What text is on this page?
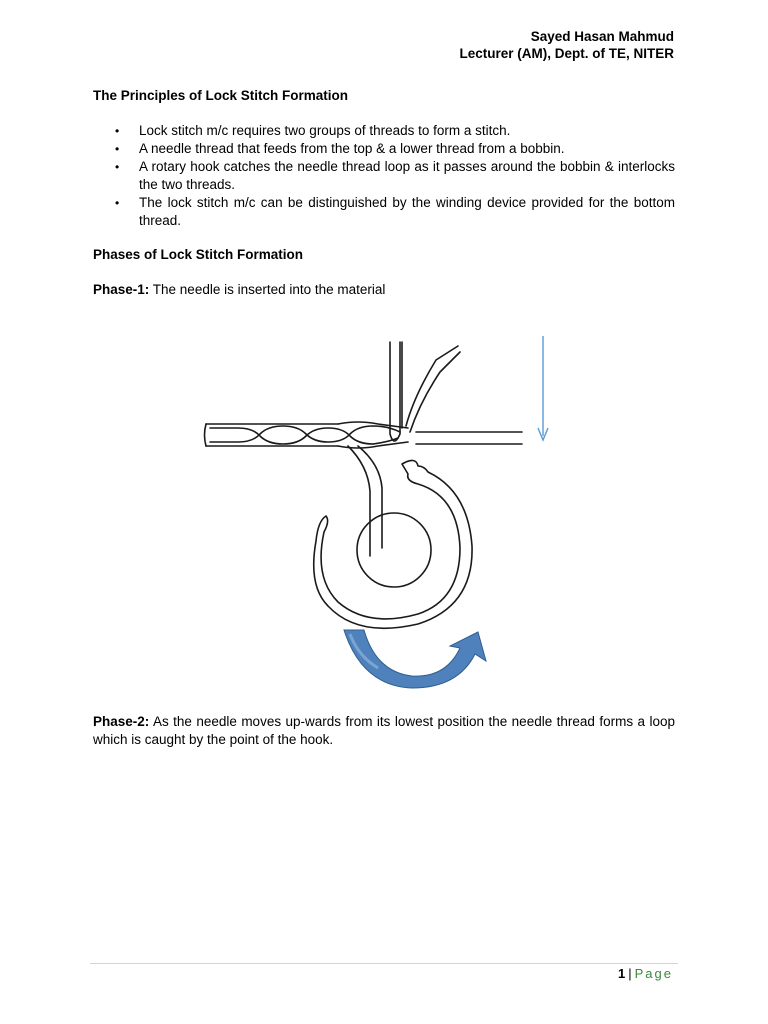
Sayed Hasan Mahmud
Lecturer (AM), Dept. of TE, NITER
The Principles of Lock Stitch Formation
• Lock stitch m/c requires two groups of threads to form a stitch.
• A needle thread that feeds from the top & a lower thread from a bobbin.
• A rotary hook catches the needle thread loop as it passes around the bobbin & interlocks the two threads.
• The lock stitch m/c can be distinguished by the winding device provided for the bottom thread.
Phases of Lock Stitch Formation
Phase-1: The needle is inserted into the material
Phase-2: As the needle moves up-wards from its lowest position the needle thread forms a loop which is caught by the point of the hook.
1 | Page
